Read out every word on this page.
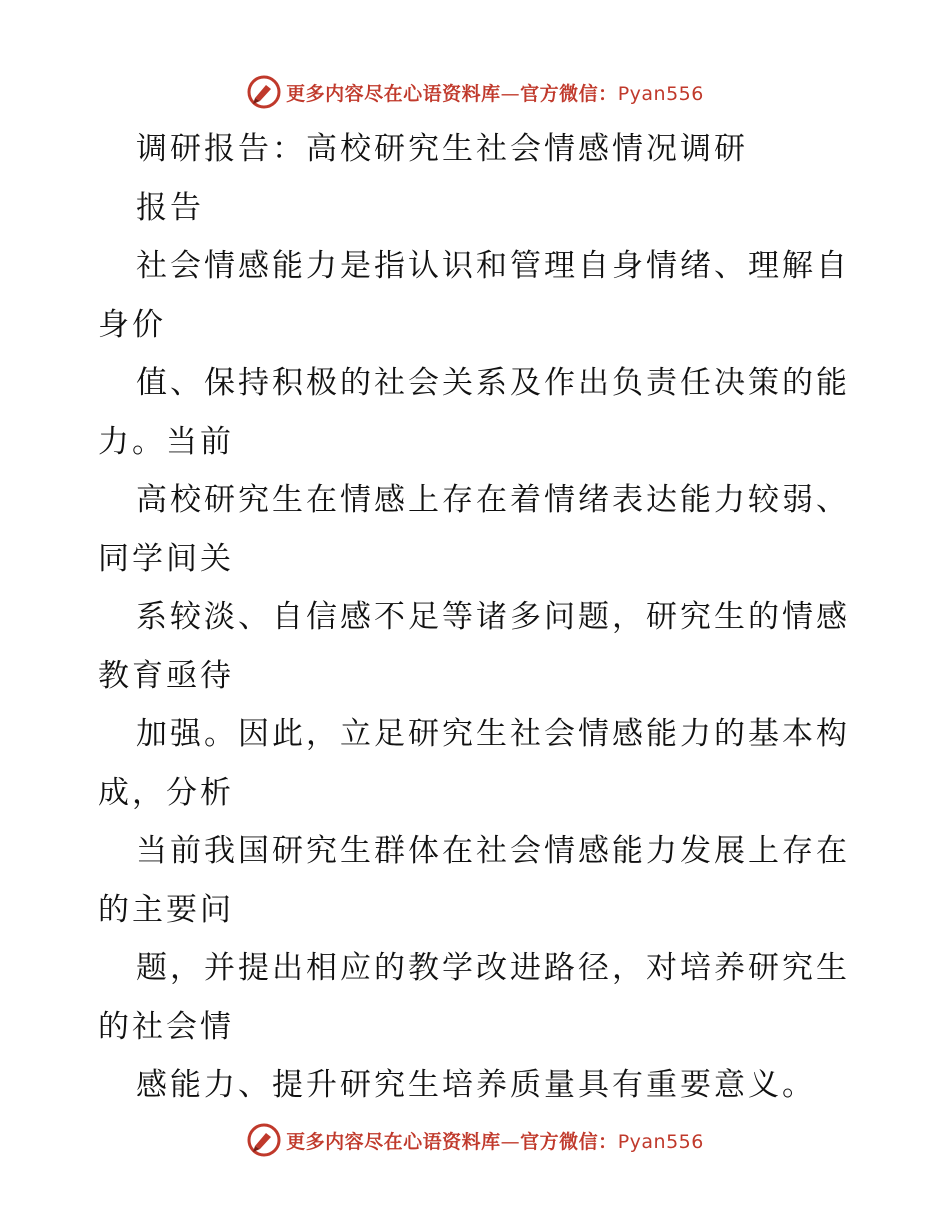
更多内容尽在心语资料库—官方微信：Pyan556
调研报告：高校研究生社会情感情况调研
报告
社会情感能力是指认识和管理自身情绪、理解自
身价
值、保持积极的社会关系及作出负责任决策的能
力。当前
高校研究生在情感上存在着情绪表达能力较弱、
同学间关
系较淡、自信感不足等诸多问题，研究生的情感
教育亟待
加强。因此，立足研究生社会情感能力的基本构
成，分析
当前我国研究生群体在社会情感能力发展上存在
的主要问
题，并提出相应的教学改进路径，对培养研究生
的社会情
感能力、提升研究生培养质量具有重要意义。
更多内容尽在心语资料库—官方微信：Pyan556
